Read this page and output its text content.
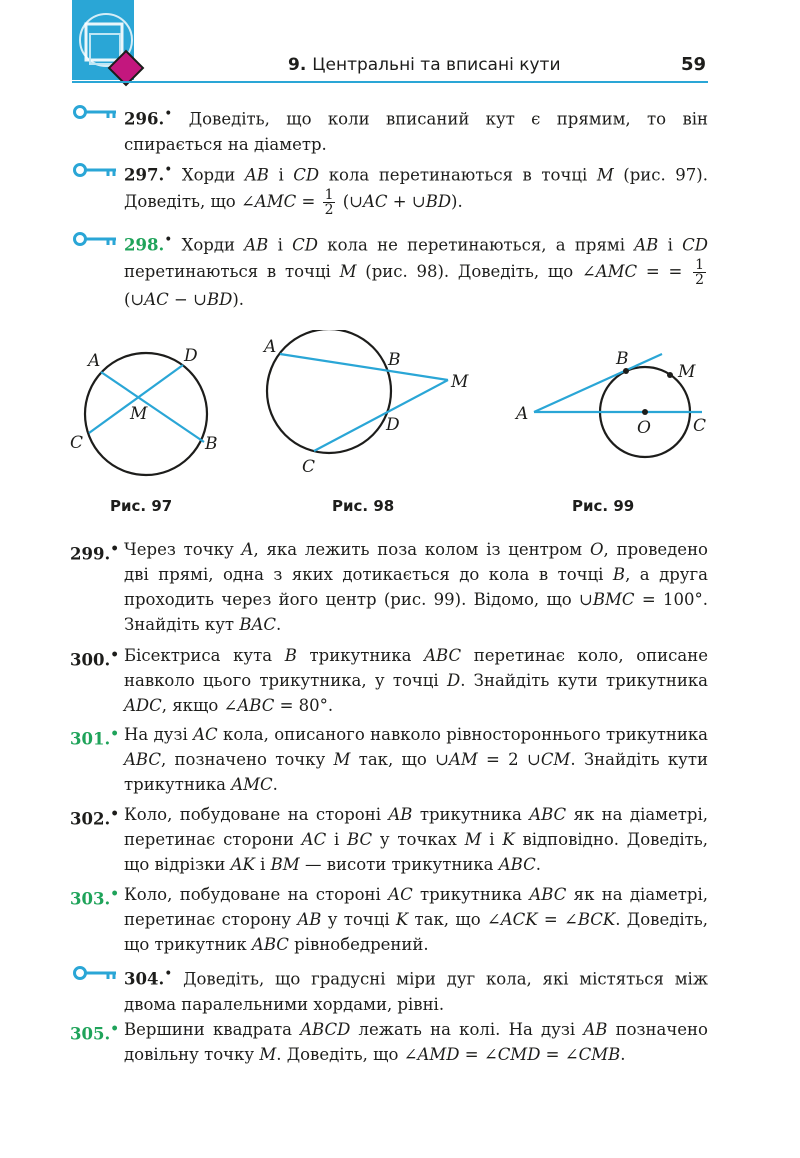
9. Центральні та вписані кути	59
296.• Доведіть, що коли вписаний кут є прямим, то він спирається на діаметр.
297.• Хорди AB і CD кола перетинаються в точці M (рис. 97). Доведіть, що ∠AMC = $\frac{1}{2}$ (∪AC + ∪BD).
298.• Хорди AB і CD кола не перетинаються, а прямі AB і CD перетинаються в точці M (рис. 98). Доведіть, що ∠AMC = = $\frac{1}{2}$
(∪AC − ∪BD).
A	D
M
C	B
Рис. 97
A
B
M
D
C
Рис. 98
B
M
A
O C
Рис. 99
299.• Через точку A, яка лежить поза колом із центром O, проведено дві прямі, одна з яких дотикається до кола в точці B, а друга проходить через його центр (рис. 99). Відомо, що ∪BMC = 100°. Знайдіть кут BAC.
300.• Бісектриса кута B трикутника ABC перетинає коло, описане навколо цього трикутника, у точці D. Знайдіть кути трикутника ADC, якщо ∠ABC = 80°.
301.• На дузі AC кола, описаного навколо рівностороннього трикутника ABC, позначено точку M так, що ∪AM = 2 ∪CM. Знайдіть кути трикутника AMC.
302.• Коло, побудоване на стороні AB трикутника ABC як на діаметрі, перетинає сторони AC і BC у точках M і K відповідно. Доведіть, що відрізки AK і BM — висоти трикутника ABC.
303.• Коло, побудоване на стороні AC трикутника ABC як на діаметрі, перетинає сторону AB у точці K так, що ∠ACK = ∠BCK. Доведіть, що трикутник ABC рівнобедрений.
304.• Доведіть, що градусні міри дуг кола, які містяться між двома паралельними хордами, рівні.
305.• Вершини квадрата ABCD лежать на колі. На дузі AB позначено довільну точку M. Доведіть, що ∠AMD = ∠CMD = ∠CMB.
